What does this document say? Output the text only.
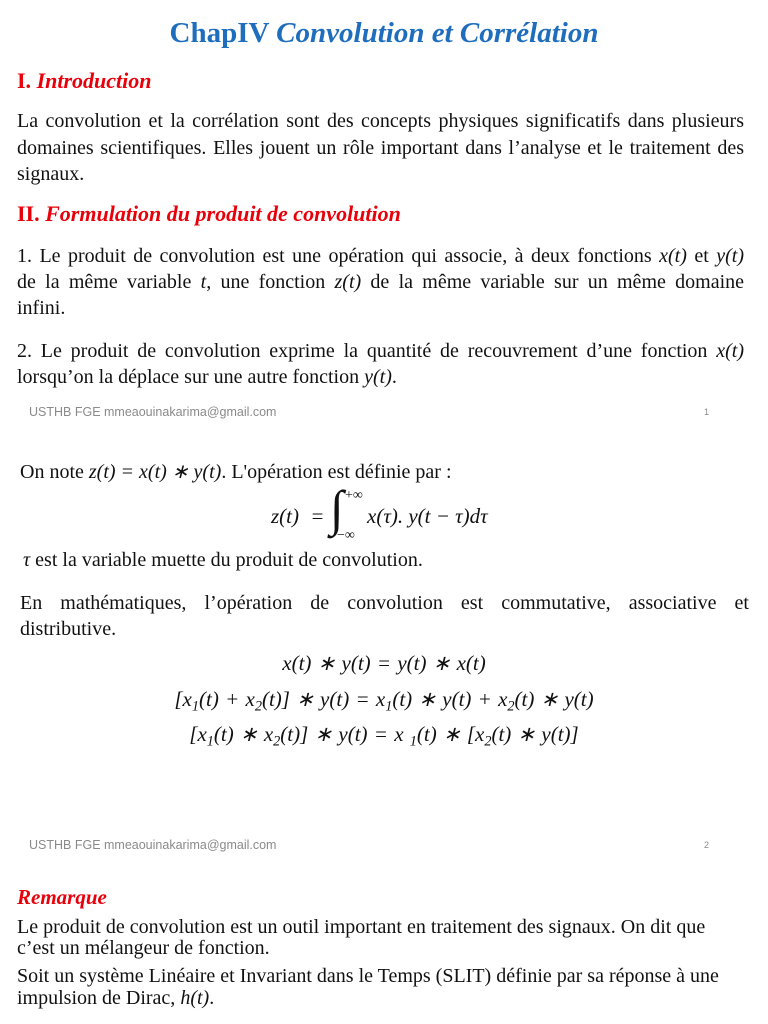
ChapIV Convolution et Corrélation
I. Introduction
La convolution et la corrélation sont des concepts physiques significatifs dans plusieurs
domaines scientifiques. Elles jouent un rôle important dans l’analyse et le traitement des
signaux.
II. Formulation du produit de convolution
1. Le produit de convolution est une opération qui associe, à deux fonctions x(t) et y(t)
de la même variable t, une fonction z(t) de la même variable sur un même domaine
infini.
2. Le produit de convolution exprime la quantité de recouvrement d’une fonction x(t)
lorsqu’on la déplace sur une autre fonction y(t).
USTHB FGE mmeaouinakarima@gmail.com	1
On note z(t) = x(t) ∗ y(t). L'opération est définie par :
z(t) = ∫ +∞
−∞
x(τ). y(t − τ)dτ
τ est la variable muette du produit de convolution.
En mathématiques, l’opération de convolution est commutative, associative et
distributive.
x(t) ∗ y(t) = y(t) ∗ x(t)
$[x_1(t) + x_2(t)]$ ∗ $y(t) = x_1(t)$ ∗ $y(t) + x_2(t)$ ∗ y(t)
[$x_1(t)$ ∗ $x_2(t)$] ∗ y(t) = x $_1$(t) ∗ [$x_2(t)$ ∗ y(t)]
USTHB FGE mmeaouinakarima@gmail.com	2
Remarque
Le produit de convolution est un outil important en traitement des signaux. On dit que
c’est un mélangeur de fonction.
Soit un système Linéaire et Invariant dans le Temps (SLIT) définie par sa réponse à une
impulsion de Dirac, h(t).
